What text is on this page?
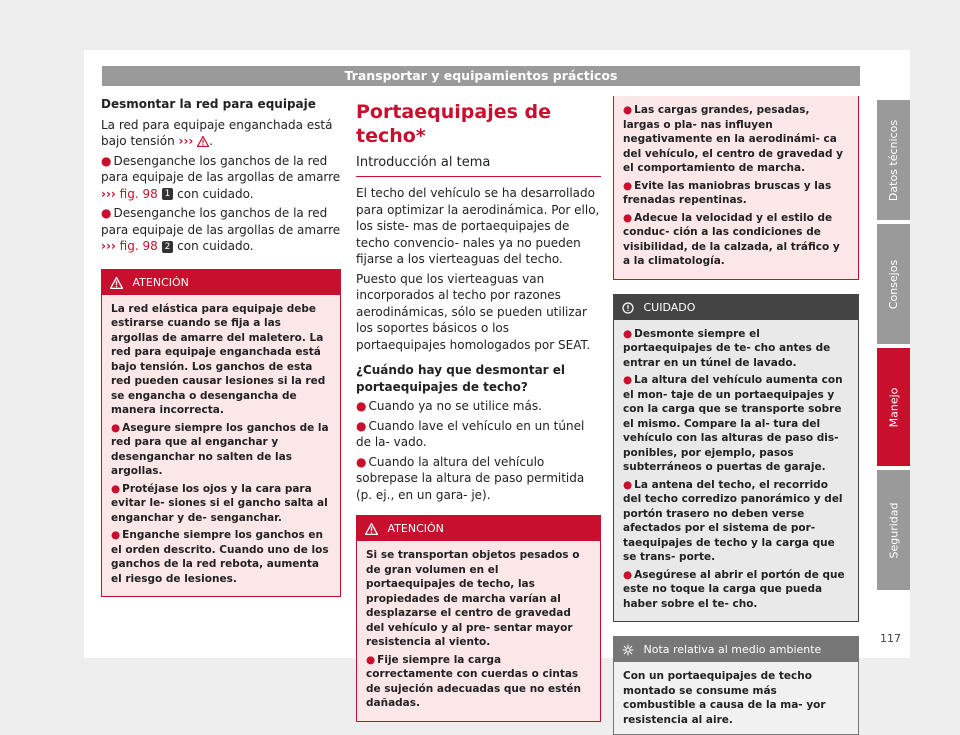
Transportar y equipamientos prácticos

Desmontar la red para equipaje

La red para equipaje enganchada está bajo tensión ››› .

● Desenganche los ganchos de la red para equipaje de las argollas de amarre ››› fig. 98 1 con cuidado.

● Desenganche los ganchos de la red para equipaje de las argollas de amarre ››› fig. 98 2 con cuidado.

ATENCIÓN

La red elástica para equipaje debe estirarse cuando se fija a las argollas de amarre del maletero. La red para equipaje enganchada está bajo tensión. Los ganchos de esta red pueden causar lesiones si la red se engancha o desengancha de manera incorrecta.

● Asegure siempre los ganchos de la red para que al enganchar y desenganchar no salten de las argollas.

● Protéjase los ojos y la cara para evitar le- siones si el gancho salta al enganchar y de- senganchar.

● Enganche siempre los ganchos en el orden descrito. Cuando uno de los ganchos de la red rebota, aumenta el riesgo de lesiones.

Portaequipajes de techo*
Introducción al tema

El techo del vehículo se ha desarrollado para optimizar la aerodinámica. Por ello, los siste- mas de portaequipajes de techo convencio- nales ya no pueden fijarse a los vierteaguas del techo.

Puesto que los vierteaguas van incorporados al techo por razones aerodinámicas, sólo se pueden utilizar los soportes básicos o los portaequipajes homologados por SEAT.

¿Cuándo hay que desmontar el portaequipajes de techo?

● Cuando ya no se utilice más.

● Cuando lave el vehículo en un túnel de la- vado.

● Cuando la altura del vehículo sobrepase la altura de paso permitida (p. ej., en un gara- je).

ATENCIÓN

Si se transportan objetos pesados o de gran volumen en el portaequipajes de techo, las propiedades de marcha varían al desplazarse el centro de gravedad del vehículo y al pre- sentar mayor resistencia al viento.

● Fije siempre la carga correctamente con cuerdas o cintas de sujeción adecuadas que no estén dañadas.

● Las cargas grandes, pesadas, largas o pla- nas influyen negativamente en la aerodinámi- ca del vehículo, el centro de gravedad y el comportamiento de marcha.

● Evite las maniobras bruscas y las frenadas repentinas.

● Adecue la velocidad y el estilo de conduc- ción a las condiciones de visibilidad, de la calzada, al tráfico y a la climatología.

CUIDADO

● Desmonte siempre el portaequipajes de te- cho antes de entrar en un túnel de lavado.

● La altura del vehículo aumenta con el mon- taje de un portaequipajes y con la carga que se transporte sobre el mismo. Compare la al- tura del vehículo con las alturas de paso dis- ponibles, por ejemplo, pasos subterráneos o puertas de garaje.

● La antena del techo, el recorrido del techo corredizo panorámico y del portón trasero no deben verse afectados por el sistema de por- taequipajes de techo y la carga que se trans- porte.

● Asegúrese al abrir el portón de que este no toque la carga que pueda haber sobre el te- cho.

Nota relativa al medio ambiente
Con un portaequipajes de techo montado se consume más combustible a causa de la ma- yor resistencia al aire.
Datos técnicos
Consejos
Manejo
Seguridad
117
